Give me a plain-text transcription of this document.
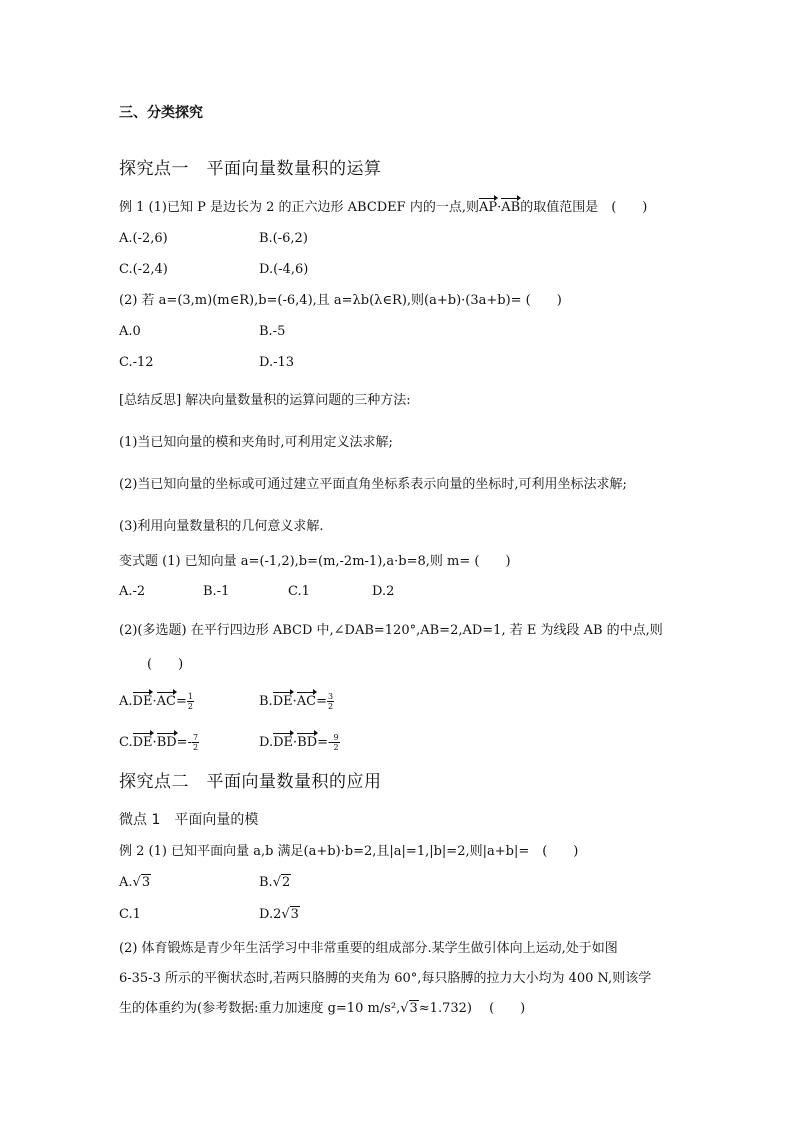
三、分类探究
探究点一　平面向量数量积的运算
例 1 (1)已知 P 是边长为 2 的正六边形 ABCDEF 内的一点,则AP·AB的取值范围是　(　　)
A.(-2,6)	B.(-6,2)
C.(-2,4)	D.(-4,6)
(2) 若 a=(3,m)(m∈R),b=(-6,4),且 a=λb(λ∈R),则(a+b)·(3a+b)= (　　)
A.0	B.-5
C.-12	D.-13
[总结反思] 解决向量数量积的运算问题的三种方法:
(1)当已知向量的模和夹角时,可利用定义法求解;
(2)当已知向量的坐标或可通过建立平面直角坐标系表示向量的坐标时,可利用坐标法求解;
(3)利用向量数量积的几何意义求解.
变式题 (1) 已知向量 a=(-1,2),b=(m,-2m-1),a·b=8,则 m= (　　)
A.-2	B.-1	C.1	D.2
(2)(多选题) 在平行四边形 ABCD 中,∠DAB=120°,AB=2,AD=1, 若 E 为线段 AB 的中点,则
(　　)
$A.DE\cdot AC= \frac{1}{2}$	$B.DE\cdot AC= \frac{3}{2}$
$C.DE\cdot BD=- \frac{7}{2}$	$D.DE\cdot BD=- \frac{9}{2}$
探究点二　平面向量数量积的应用
微点 1　平面向量的模
例 2 (1) 已知平面向量 a,b 满足(a+b)·b=2,且|a|=1,|b|=2,则|a+b|=　(　　)
A.√3	B.√2
C.1	D.2√3
(2) 体育锻炼是青少年生活学习中非常重要的组成部分.某学生做引体向上运动,处于如图
6-35-3 所示的平衡状态时,若两只胳膊的夹角为 60°,每只胳膊的拉力大小均为 400 N,则该学
生的体重约为(参考数据:重力加速度 g=10 m/s²,√3≈1.732)　 (　　)
